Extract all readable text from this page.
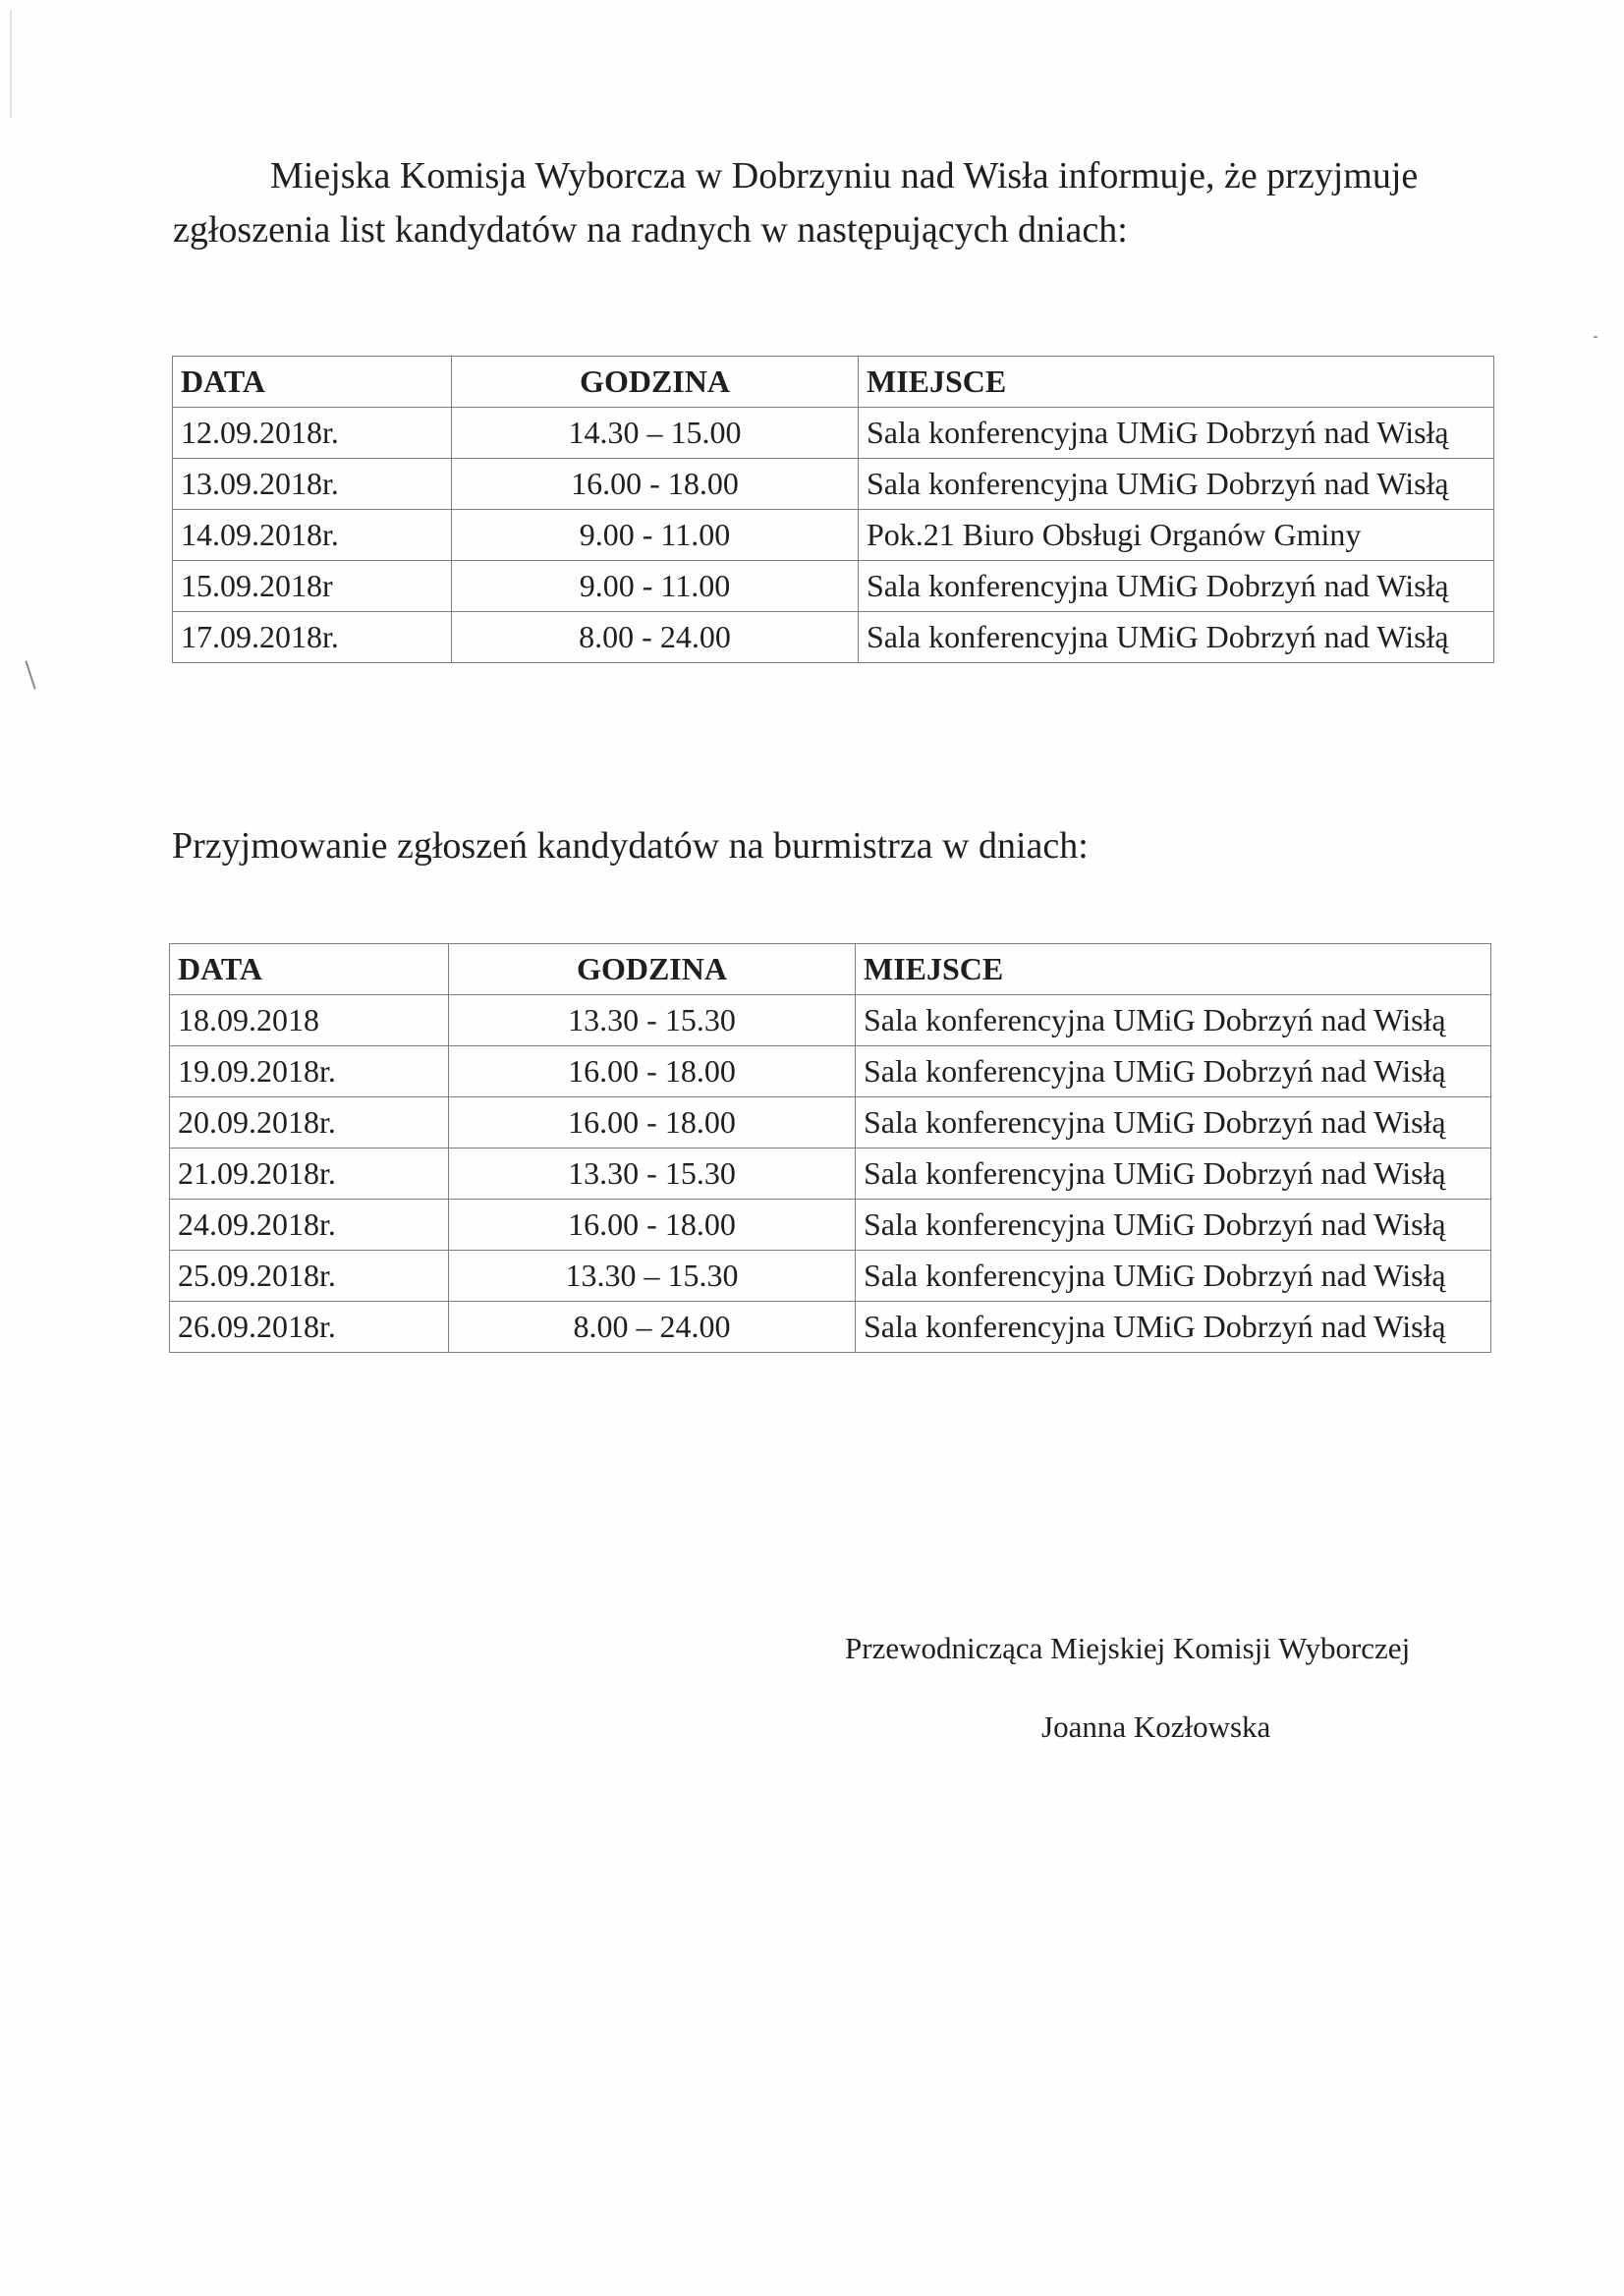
Miejska Komisja Wyborcza w Dobrzyniu nad Wisła informuje, że przyjmuje
zgłoszenia list kandydatów na radnych w następujących dniach:

DATA	GODZINA	MIEJSCE
12.09.2018r.	14.30 – 15.00	Sala konferencyjna UMiG Dobrzyń nad Wisłą
13.09.2018r.	16.00 - 18.00	Sala konferencyjna UMiG Dobrzyń nad Wisłą
14.09.2018r.	9.00 - 11.00	Pok.21 Biuro Obsługi Organów Gminy
15.09.2018r	9.00 - 11.00	Sala konferencyjna UMiG Dobrzyń nad Wisłą
17.09.2018r.	8.00 - 24.00	Sala konferencyjna UMiG Dobrzyń nad Wisłą
Przyjmowanie zgłoszeń kandydatów na burmistrza w dniach:
DATA	GODZINA	MIEJSCE
18.09.2018	13.30 - 15.30	Sala konferencyjna UMiG Dobrzyń nad Wisłą
19.09.2018r.	16.00 - 18.00	Sala konferencyjna UMiG Dobrzyń nad Wisłą
20.09.2018r.	16.00 - 18.00	Sala konferencyjna UMiG Dobrzyń nad Wisłą
21.09.2018r.	13.30 - 15.30	Sala konferencyjna UMiG Dobrzyń nad Wisłą
24.09.2018r.	16.00 - 18.00	Sala konferencyjna UMiG Dobrzyń nad Wisłą
25.09.2018r.	13.30 – 15.30	Sala konferencyjna UMiG Dobrzyń nad Wisłą
26.09.2018r.	8.00 – 24.00	Sala konferencyjna UMiG Dobrzyń nad Wisłą
Przewodnicząca Miejskiej Komisji Wyborczej
Joanna Kozłowska
